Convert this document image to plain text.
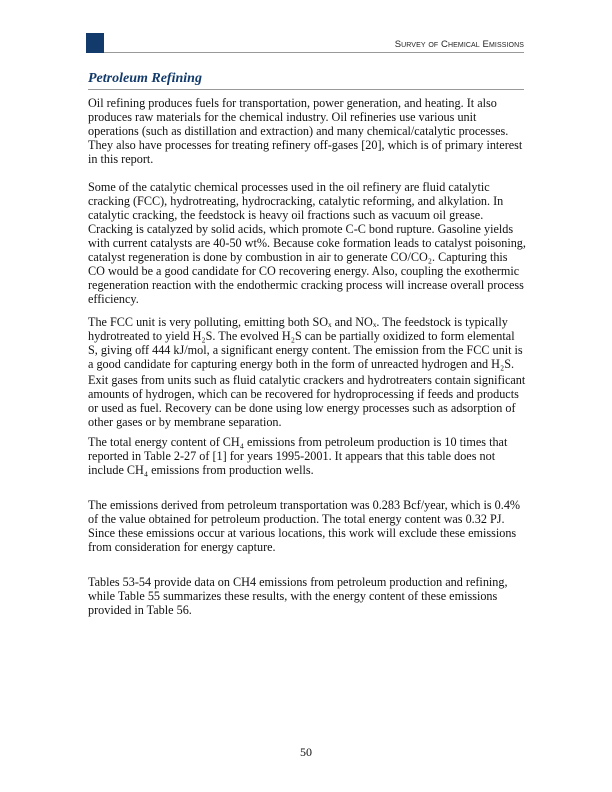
Survey of Chemical Emissions
Petroleum Refining
Oil refining produces fuels for transportation, power generation, and heating. It also
produces raw materials for the chemical industry. Oil refineries use various unit
operations (such as distillation and extraction) and many chemical/catalytic processes.
They also have processes for treating refinery off-gases [20], which is of primary interest
in this report.
Some of the catalytic chemical processes used in the oil refinery are fluid catalytic
cracking (FCC), hydrotreating, hydrocracking, catalytic reforming, and alkylation. In
catalytic cracking, the feedstock is heavy oil fractions such as vacuum oil grease.
Cracking is catalyzed by solid acids, which promote C-C bond rupture. Gasoline yields
with current catalysts are 40-50 wt%. Because coke formation leads to catalyst poisoning,
catalyst regeneration is done by combustion in air to generate CO/CO₂. Capturing this
CO would be a good candidate for CO recovering energy. Also, coupling the exothermic
regeneration reaction with the endothermic cracking process will increase overall process
efficiency.
The FCC unit is very polluting, emitting both SOₓ and NOₓ. The feedstock is typically
hydrotreated to yield H₂S. The evolved H₂S can be partially oxidized to form elemental
S, giving off 444 kJ/mol, a significant energy content. The emission from the FCC unit is
a good candidate for capturing energy both in the form of unreacted hydrogen and H₂S.
Exit gases from units such as fluid catalytic crackers and hydrotreaters contain significant
amounts of hydrogen, which can be recovered for hydroprocessing if feeds and products
or used as fuel. Recovery can be done using low energy processes such as adsorption of
other gases or by membrane separation.
The total energy content of CH₄ emissions from petroleum production is 10 times that
reported in Table 2-27 of [1] for years 1995-2001. It appears that this table does not
include CH₄ emissions from production wells.
The emissions derived from petroleum transportation was 0.283 Bcf/year, which is 0.4%
of the value obtained for petroleum production. The total energy content was 0.32 PJ.
Since these emissions occur at various locations, this work will exclude these emissions
from consideration for energy capture.
Tables 53-54 provide data on CH4 emissions from petroleum production and refining,
while Table 55 summarizes these results, with the energy content of these emissions
provided in Table 56.
50
